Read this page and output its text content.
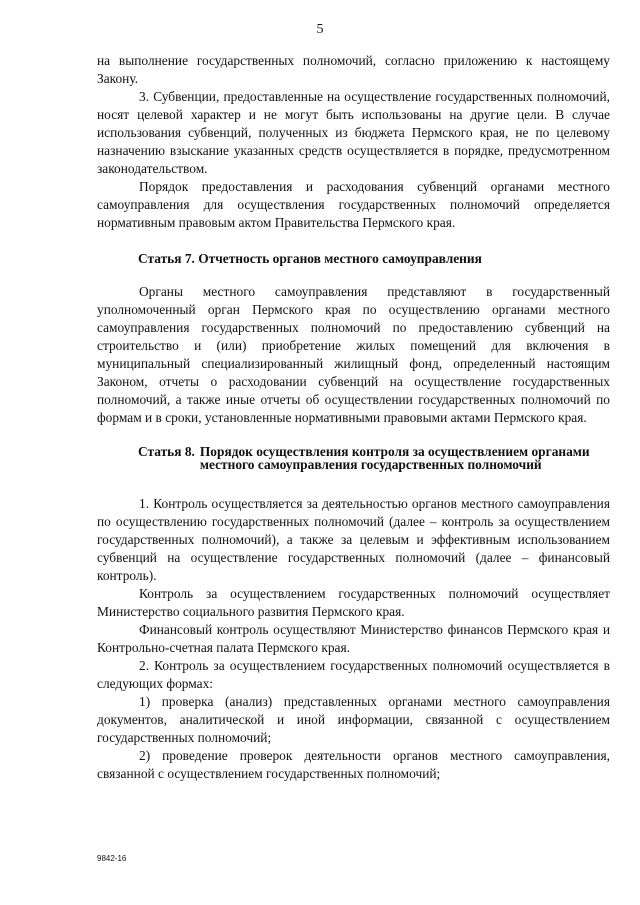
5

на выполнение государственных полномочий, согласно приложению к настоящему Закону.

3. Субвенции, предоставленные на осуществление государственных полномочий, носят целевой характер и не могут быть использованы на другие цели. В случае использования субвенций, полученных из бюджета Пермского края, не по целевому назначению взыскание указанных средств осуществляется в порядке, предусмотренном законодательством.

Порядок предоставления и расходования субвенций органами местного самоуправления для осуществления государственных полномочий определяется нормативным правовым актом Правительства Пермского края.

Статья 7. Отчетность органов местного самоуправления

Органы местного самоуправления представляют в государственный уполномоченный орган Пермского края по осуществлению органами местного самоуправления государственных полномочий по предоставлению субвенций на строительство и (или) приобретение жилых помещений для включения в муниципальный специализированный жилищный фонд, определенный настоящим Законом, отчеты о расходовании субвенций на осуществление государственных полномочий, а также иные отчеты об осуществлении государственных полномочий по формам и в сроки, установленные нормативными правовыми актами Пермского края.

Статья 8. Порядок осуществления контроля за осуществлением органами местного самоуправления государственных полномочий

1. Контроль осуществляется за деятельностью органов местного самоуправления по осуществлению государственных полномочий (далее – контроль за осуществлением государственных полномочий), а также за целевым и эффективным использованием субвенций на осуществление государственных полномочий (далее – финансовый контроль).

Контроль за осуществлением государственных полномочий осуществляет Министерство социального развития Пермского края.

Финансовый контроль осуществляют Министерство финансов Пермского края и Контрольно-счетная палата Пермского края.

2. Контроль за осуществлением государственных полномочий осуществляется в следующих формах:

1) проверка (анализ) представленных органами местного самоуправления документов, аналитической и иной информации, связанной с осуществлением государственных полномочий;

2) проведение проверок деятельности органов местного самоуправления, связанной с осуществлением государственных полномочий;

9842-16
